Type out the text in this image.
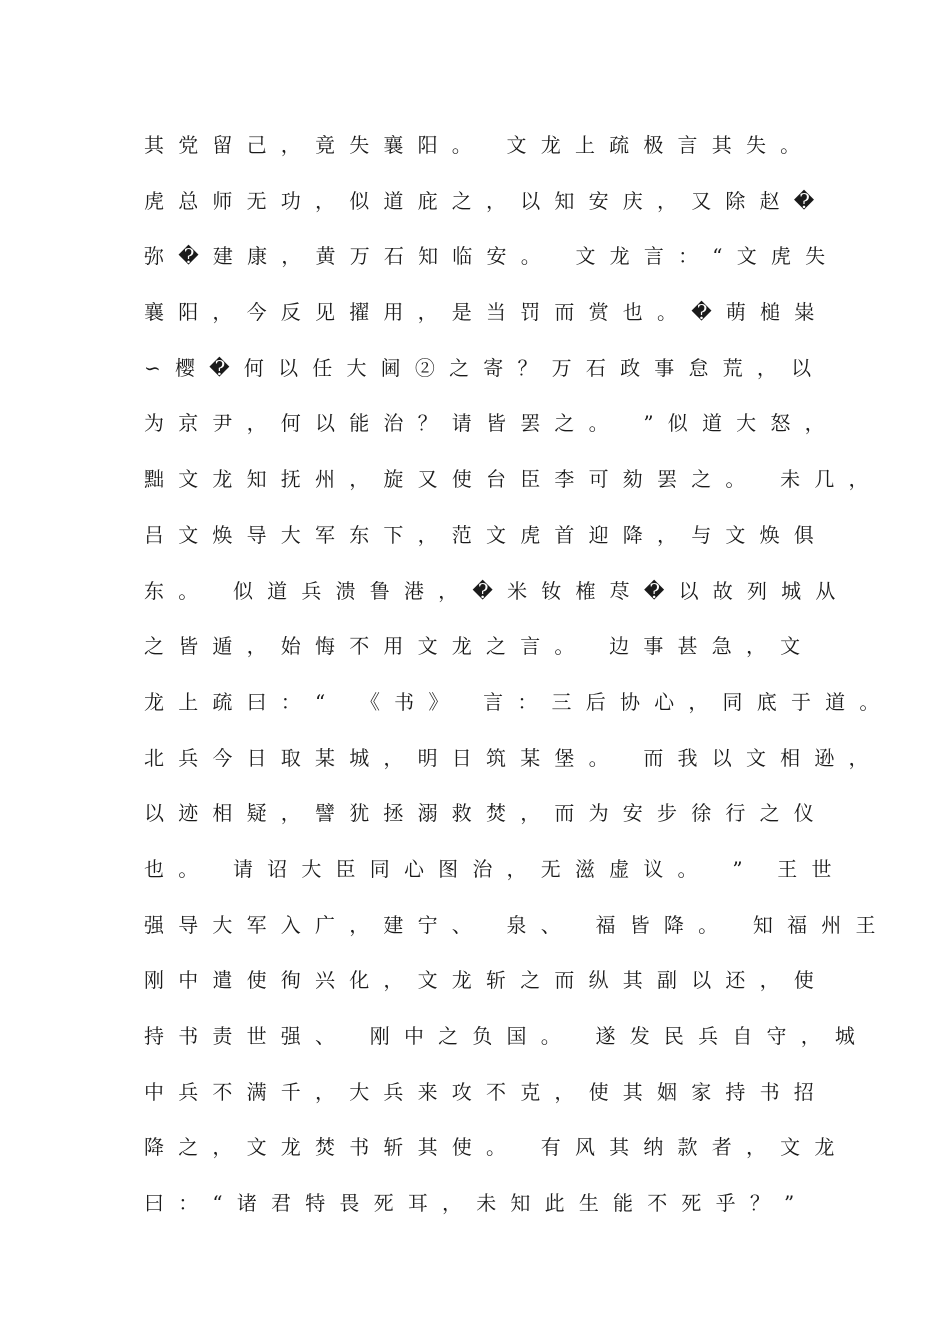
其党留己，竟失襄阳。 文龙上疏极言其失。
虎总师无功，似道庇之，以知安庆，又除赵�
弥�建康，黄万石知临安。 文龙言：“文虎失
襄阳，今反见擢用，是当罚而赏也。�萌槌粜
∽樱�何以任大阃②之寄？万石政事怠荒，以
为京尹，何以能治？请皆罢之。 ”似道大怒，
黜文龙知抚州，旋又使台臣李可劾罢之。 未几，
吕文焕导大军东下，范文虎首迎降，与文焕俱
东。 似道兵溃鲁港，�米钕榷荩�以故列城从
之皆遁，始悔不用文龙之言。 边事甚急，文
龙上疏曰：“ 《书》 言：三后协心，同底于道。
北兵今日取某城，明日筑某堡。 而我以文相逊，
以迹相疑，譬犹拯溺救焚，而为安步徐行之仪
也。 请诏大臣同心图治，无滋虚议。 ” 王世
强导大军入广，建宁、 泉、 福皆降。 知福州王
刚中遣使徇兴化，文龙斩之而纵其副以还，使
持书责世强、 刚中之负国。 遂发民兵自守，城
中兵不满千，大兵来攻不克，使其姻家持书招
降之，文龙焚书斩其使。 有风其纳款者，文龙
曰：“诸君特畏死耳，未知此生能不死乎？”
